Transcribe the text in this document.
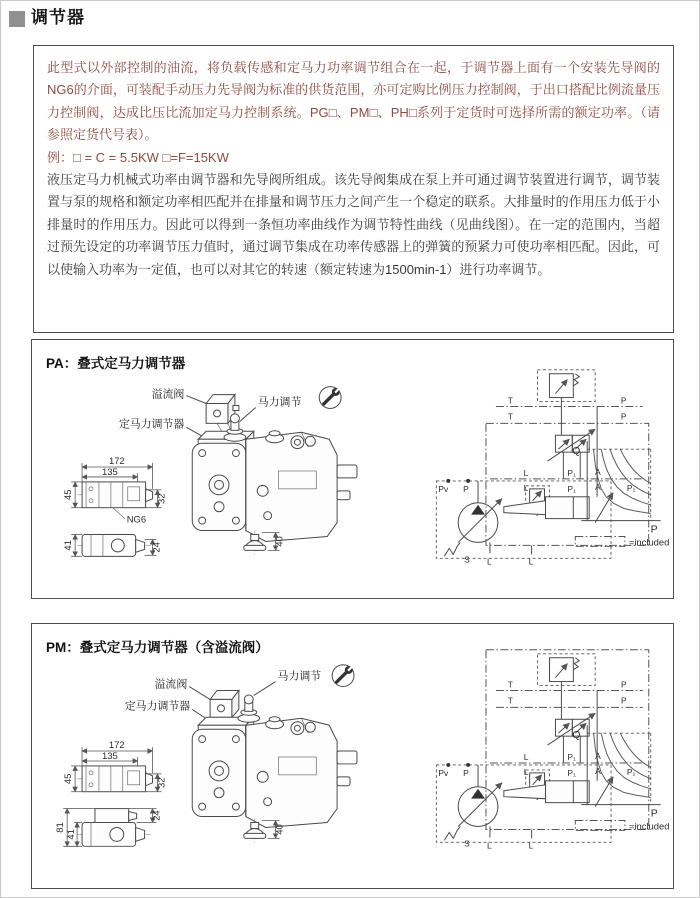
调节器

此型式以外部控制的油流，将负载传感和定马力功率调节组合在一起，于调节器上面有一个安装先导阀的NG6的介面，可装配手动压力先导阀为标准的供货范围，亦可定购比例压力控制阀，于出口搭配比例流量压力控制阀，达成比压比流加定马力控制系统。PG□、PM□、PH□系列于定货时可选择所需的额定功率。（请参照定货代号表）。

例：□ = C = 5.5KW □=F=15KW

液压定马力机械式功率由调节器和先导阀所组成。该先导阀集成在泵上并可通过调节装置进行调节，调节装置与泵的规格和额定功率相匹配并在排量和调节压力之间产生一个稳定的联系。大排量时的作用压力低于小排量时的作用压力。因此可以得到一条恒功率曲线作为调节特性曲线（见曲线图）。在一定的范围内，当超过预先设定的功率调节压力值时，通过调节集成在功率传感器上的弹簧的预紧力可使功率相匹配。因此，可以使输入功率为一定值，也可以对其它的转速（额定转速为1500min-1）进行功率调节。

PA：叠式定马力调节器
溢流阀
马力调节
定马力调节器
172
135
45	32
NG6
41	24
40
T
T
P
P
L	P₁ A
L	P₁ A	P₁
Pv P
S L	L
Q
P
=included
PM：叠式定马力调节器（含溢流阀）
溢流阀
马力调节
定马力调节器
172
135
45	32
81
41
24
40
T
T
P
P
L	P₁ A
L	P₁ A	P₁
Pv P
S L	L
Q
P
=included
